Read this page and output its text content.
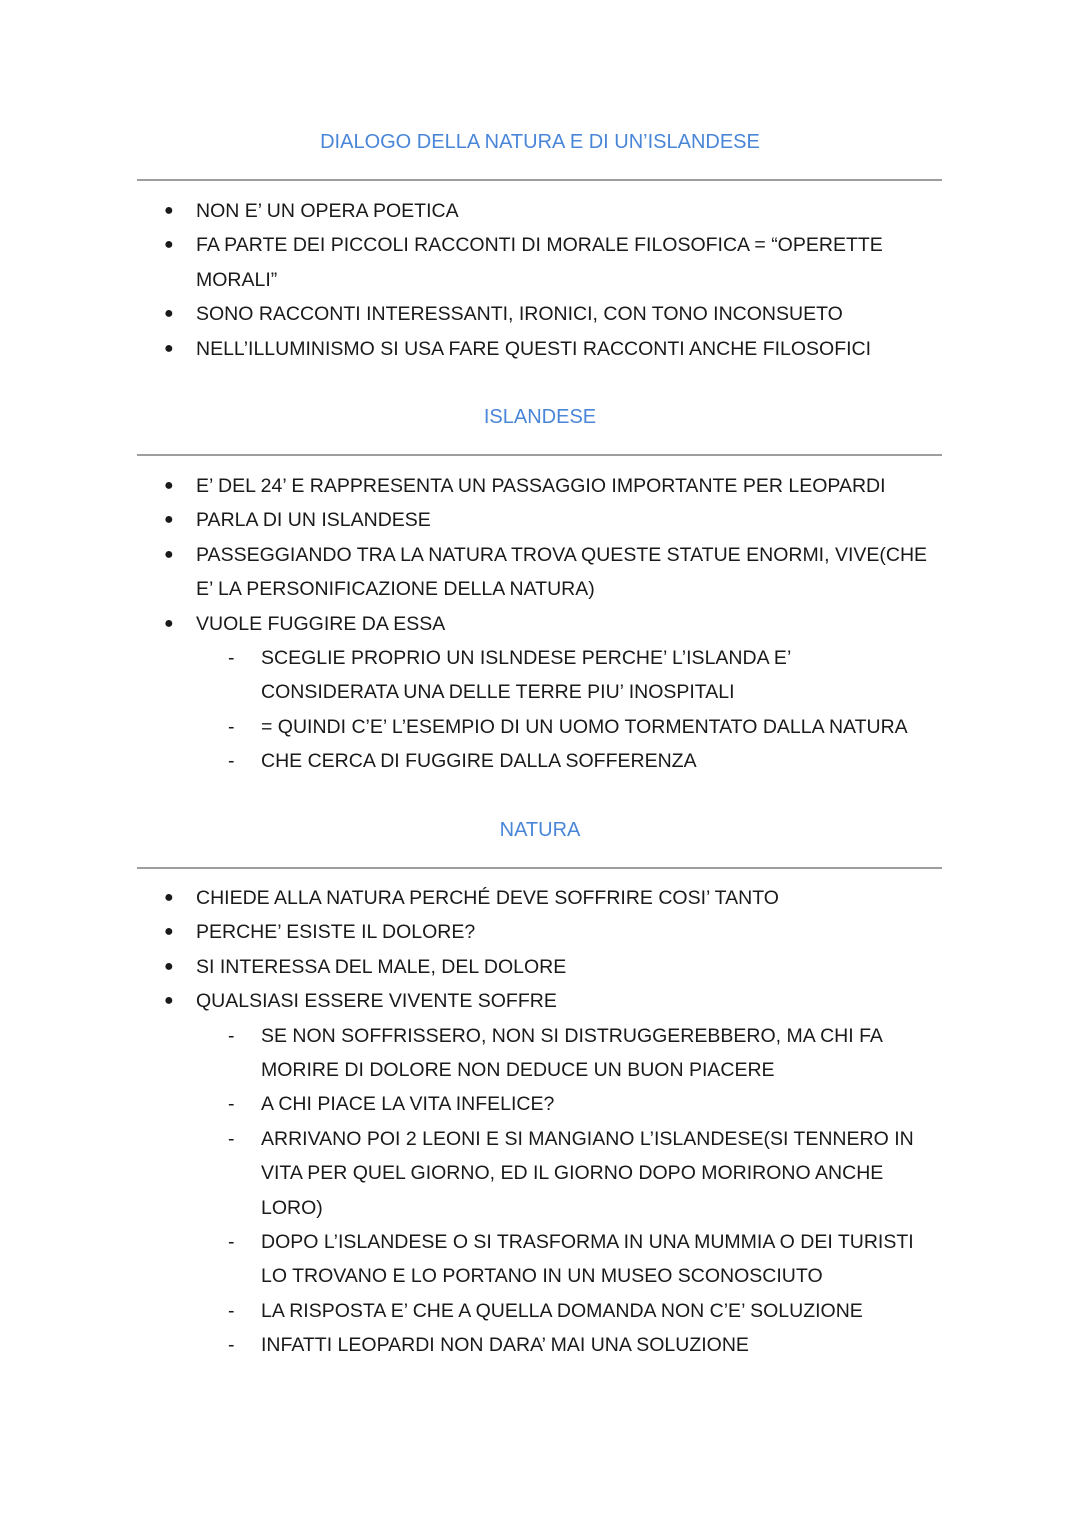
DIALOGO DELLA NATURA E DI UN’ISLANDESE
● NON E’ UN OPERA POETICA
● FA PARTE DEI PICCOLI RACCONTI DI MORALE FILOSOFICA = “OPERETTE
MORALI”
● SONO RACCONTI INTERESSANTI, IRONICI, CON TONO INCONSUETO
● NELL’ILLUMINISMO SI USA FARE QUESTI RACCONTI ANCHE FILOSOFICI
ISLANDESE
● E’ DEL 24’ E RAPPRESENTA UN PASSAGGIO IMPORTANTE PER LEOPARDI
● PARLA DI UN ISLANDESE
● PASSEGGIANDO TRA LA NATURA TROVA QUESTE STATUE ENORMI, VIVE(CHE
E’ LA PERSONIFICAZIONE DELLA NATURA)
● VUOLE FUGGIRE DA ESSA
- SCEGLIE PROPRIO UN ISLNDESE PERCHE’ L’ISLANDA E’
CONSIDERATA UNA DELLE TERRE PIU’ INOSPITALI
- = QUINDI C’E’ L’ESEMPIO DI UN UOMO TORMENTATO DALLA NATURA
- CHE CERCA DI FUGGIRE DALLA SOFFERENZA
NATURA
● CHIEDE ALLA NATURA PERCHÉ DEVE SOFFRIRE COSI’ TANTO
● PERCHE’ ESISTE IL DOLORE?
● SI INTERESSA DEL MALE, DEL DOLORE
● QUALSIASI ESSERE VIVENTE SOFFRE
- SE NON SOFFRISSERO, NON SI DISTRUGGEREBBERO, MA CHI FA
MORIRE DI DOLORE NON DEDUCE UN BUON PIACERE
- A CHI PIACE LA VITA INFELICE?
- ARRIVANO POI 2 LEONI E SI MANGIANO L’ISLANDESE(SI TENNERO IN
VITA PER QUEL GIORNO, ED IL GIORNO DOPO MORIRONO ANCHE
LORO)
- DOPO L’ISLANDESE O SI TRASFORMA IN UNA MUMMIA O DEI TURISTI
LO TROVANO E LO PORTANO IN UN MUSEO SCONOSCIUTO
- LA RISPOSTA E’ CHE A QUELLA DOMANDA NON C’E’ SOLUZIONE
- INFATTI LEOPARDI NON DARA’ MAI UNA SOLUZIONE
